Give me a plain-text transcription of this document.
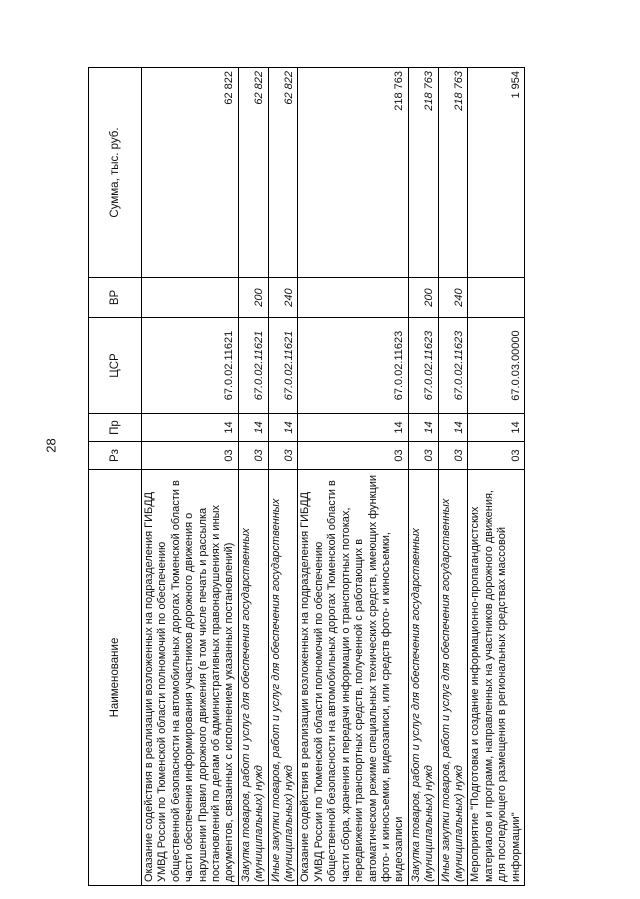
28
Наименование	Рз	Пр	ЦСР	ВР	Сумма, тыс. руб.
Оказание содействия в реализации возложенных на подразделения ГИБДД УМВД России по Тюменской области полномочий по обеспечению общественной безопасности на автомобильных дорогах Тюменской области в части обеспечения информирования участников дорожного движения о нарушении Правил дорожного движения (в том числе печать и рассылка постановлений по делам об административных правонарушениях и иных документов, связанных с исполнением указанных постановлений)	03	14	67.0.02.11621		62 822
Закупка товаров, работ и услуг для обеспечения государственных (муниципальных) нужд	03	14	67.0.02.11621	200	62 822
Иные закупки товаров, работ и услуг для обеспечения государственных (муниципальных) нужд	03	14	67.0.02.11621	240	62 822
Оказание содействия в реализации возложенных на подразделения ГИБДД УМВД России по Тюменской области полномочий по обеспечению общественной безопасности на автомобильных дорогах Тюменской области в части сбора, хранения и передачи информации о транспортных потоках, передвижении транспортных средств, полученной с работающих в автоматическом режиме специальных технических средств, имеющих функции фото- и киносъемки, видеозаписи, или средств фото- и киносъемки, видеозаписи	03	14	67.0.02.11623		218 763
Закупка товаров, работ и услуг для обеспечения государственных (муниципальных) нужд	03	14	67.0.02.11623	200	218 763
Иные закупки товаров, работ и услуг для обеспечения государственных (муниципальных) нужд	03	14	67.0.02.11623	240	218 763
Мероприятие "Подготовка и создание информационно-пропагандистских материалов и программ, направленных на участников дорожного движения, для последующего размещения в региональных средствах массовой информации"	03	14	67.0.03.00000		1 954
